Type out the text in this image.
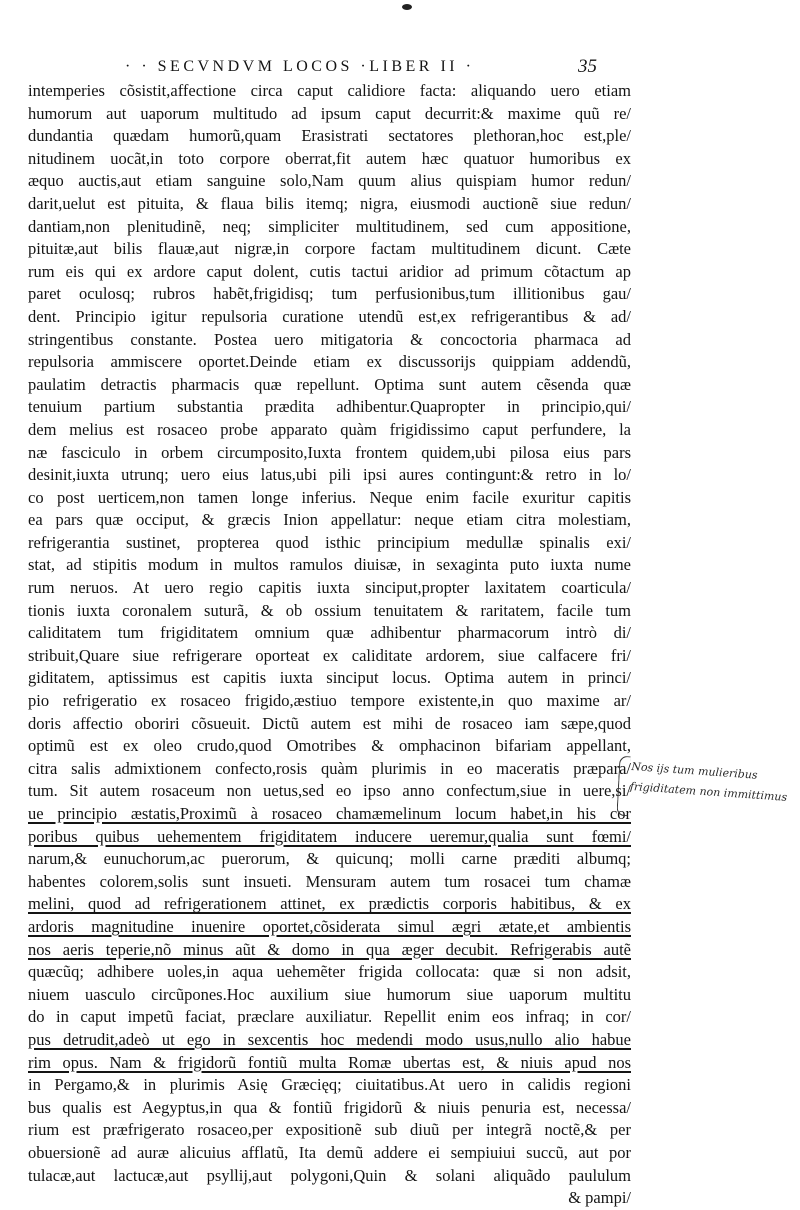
· · SECVNDVM LOCOS ·LIBER II ·	35
intemperies cõsistit,affectione circa caput calidiore facta: aliquando uero etiam
humorum aut uaporum multitudo ad ipsum caput decurrit:& maxime quũ re/
dundantia quædam humorũ,quam Erasistrati sectatores plethoran,hoc est,ple/
nitudinem uocãt,in toto corpore oberrat,fit autem hæc quatuor humoribus ex
æquo auctis,aut etiam sanguine solo,Nam quum alius quispiam humor redun/
darit,uelut est pituita, & flaua bilis itemq; nigra, eiusmodi auctionẽ siue redun/
dantiam,non plenitudinẽ, neq; simpliciter multitudinem, sed cum appositione,
pituitæ,aut bilis flauæ,aut nigræ,in corpore factam multitudinem dicunt. Cæte
rum eis qui ex ardore caput dolent, cutis tactui aridior ad primum cõtactum ap
paret oculosq; rubros habẽt,frigidisq; tum perfusionibus,tum illitionibus gau/
dent. Principio igitur repulsoria curatione utendũ est,ex refrigerantibus & ad/
stringentibus constante. Postea uero mitigatoria & concoctoria pharmaca ad
repulsoria ammiscere oportet.Deinde etiam ex discussorijs quippiam addendũ,
paulatim detractis pharmacis quæ repellunt. Optima sunt autem cẽsenda quæ
tenuium partium substantia prædita adhibentur.Quapropter in principio,qui/
dem melius est rosaceo probe apparato quàm frigidissimo caput perfundere, la
næ fasciculo in orbem circumposito,Iuxta frontem quidem,ubi pilosa eius pars
desinit,iuxta utrunq; uero eius latus,ubi pili ipsi aures contingunt:& retro in lo/
co post uerticem,non tamen longe inferius. Neque enim facile exuritur capitis
ea pars quæ occiput, & græcis Inion appellatur: neque etiam citra molestiam,
refrigerantia sustinet, propterea quod isthic principium medullæ spinalis exi/
stat, ad stipitis modum in multos ramulos diuisæ, in sexaginta puto iuxta nume
rum neruos. At uero regio capitis iuxta sinciput,propter laxitatem coarticula/
tionis iuxta coronalem suturã, & ob ossium tenuitatem & raritatem, facile tum
caliditatem tum frigiditatem omnium quæ adhibentur pharmacorum intrò di/
stribuit,Quare siue refrigerare oporteat ex caliditate ardorem, siue calfacere fri/
giditatem, aptissimus est capitis iuxta sinciput locus. Optima autem in princi/
pio refrigeratio ex rosaceo frigido,æstiuo tempore existente,in quo maxime ar/
doris affectio oboriri cõsueuit. Dictũ autem est mihi de rosaceo iam sæpe,quod
optimũ est ex oleo crudo,quod Omotribes & omphacinon bifariam appellant,
citra salis admixtionem confecto,rosis quàm plurimis in eo maceratis præpara/
tum. Sit autem rosaceum non uetus,sed eo ipso anno confectum,siue in uere,si/
ue principio æstatis,Proximũ à rosaceo chamæmelinum locum habet,in his cor
poribus quibus uehementem frigiditatem inducere ueremur,qualia sunt fœmi/
narum,& eunuchorum,ac puerorum, & quicunq; molli carne præditi albumq;
habentes colorem,solis sunt insueti. Mensuram autem tum rosacei tum chamæ
melini, quod ad refrigerationem attinet, ex prædictis corporis habitibus, & ex
ardoris magnitudine inuenire oportet,cõsiderata simul ægri ætate,et ambientis
nos aeris teperie,nõ minus aũt & domo in qua æger decubit. Refrigerabis autẽ
quæcũq; adhibere uoles,in aqua uehemẽter frigida collocata: quæ si non adsit,
niuem uasculo circũpones.Hoc auxilium siue humorum siue uaporum multitu
do in caput impetũ faciat, præclare auxiliatur. Repellit enim eos infraq; in cor/
pus detrudit,adeò ut ego in sexcentis hoc medendi modo usus,nullo alio habue
rim opus. Nam & frigidorũ fontiũ multa Romæ ubertas est, & niuis apud nos
in Pergamo,& in plurimis Asię Græcięq; ciuitatibus.At uero in calidis regioni
bus qualis est Aegyptus,in qua & fontiũ frigidorũ & niuis penuria est, necessa/
rium est præfrigerato rosaceo,per expositionẽ sub diuũ per integrã noctẽ,& per
obuersionẽ ad auræ alicuius afflatũ, Ita demũ addere ei sempiuiui succũ, aut por
tulacæ,aut lactucæ,aut psyllij,aut polygoni,Quin & solani aliquãdo paululum
& pampi/
Nos ijs tum mulieribus
frigiditatem non immittimus
